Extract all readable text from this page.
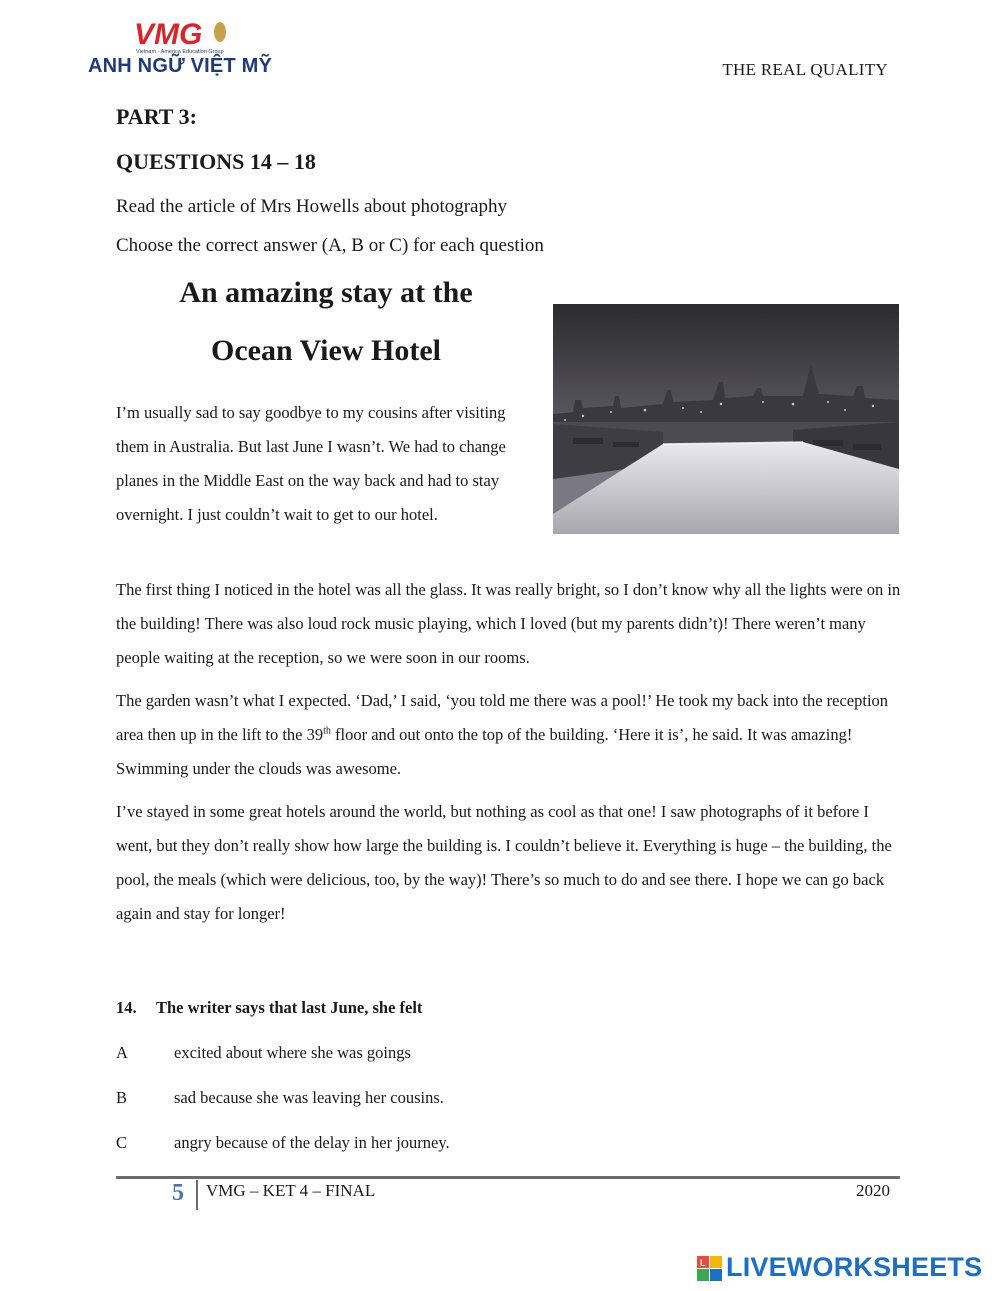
VMG
Vietnam - America Education Group
ANH NGỮ VIỆT MỸ	THE REAL QUALITY
PART 3:
QUESTIONS 14 – 18
Read the article of Mrs Howells about photography
Choose the correct answer (A, B or C) for each question
An amazing stay at the
Ocean View Hotel
I’m usually sad to say goodbye to my cousins after visiting them in Australia. But last June I wasn’t. We had to change planes in the Middle East on the way back and had to stay overnight. I just couldn’t wait to get to our hotel.
The first thing I noticed in the hotel was all the glass. It was really bright, so I don’t know why all the lights were on in the building! There was also loud rock music playing, which I loved (but my parents didn’t)! There weren’t many people waiting at the reception, so we were soon in our rooms.
The garden wasn’t what I expected. ‘Dad,’ I said, ‘you told me there was a pool!’ He took my back into the reception area then up in the lift to the 39th floor and out onto the top of the building. ‘Here it is’, he said. It was amazing! Swimming under the clouds was awesome.
I’ve stayed in some great hotels around the world, but nothing as cool as that one! I saw photographs of it before I went, but they don’t really show how large the building is. I couldn’t believe it. Everything is huge – the building, the pool, the meals (which were delicious, too, by the way)! There’s so much to do and see there. I hope we can go back again and stay for longer!
14. The writer says that last June, she felt
A	excited about where she was goings
B	sad because she was leaving her cousins.
C	angry because of the delay in her journey.
5 VMG – KET 4 – FINAL	2020
L LIVEWORKSHEETS
